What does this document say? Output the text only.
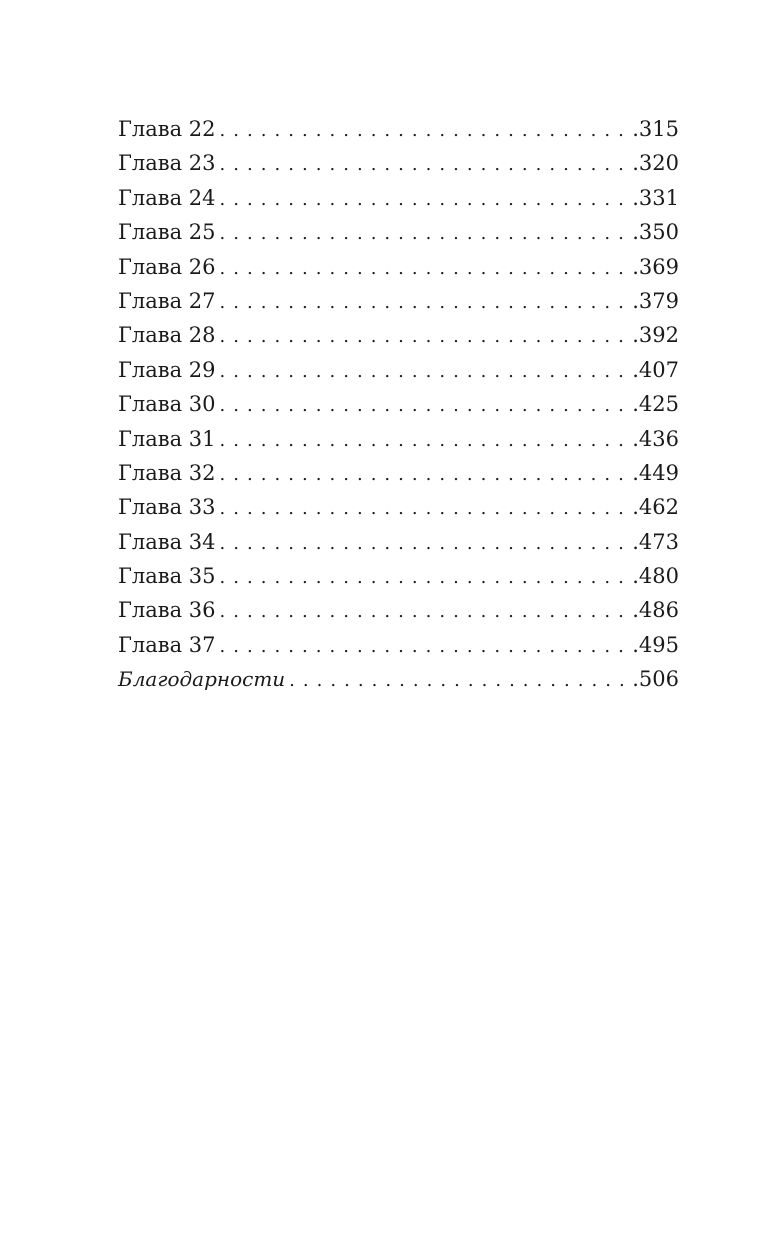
Глава 22 . . .	.315
Глава 23 . . .	.320
Глава 24 . . .	.331
Глава 25 . . .	.350
Глава 26 . . .	.369
Глава 27 . . .	.379
Глава 28 . . .	.392
Глава 29 . . .	.407
Глава 30 . . .	.425
Глава 31 . . .	.436
Глава 32 . . .	.449
Глава 33 . . .	.462
Глава 34 . . .	.473
Глава 35 . . .	.480
Глава 36 . . .	.486
Глава 37 . . .	.495
Благодарности . . .	.506
